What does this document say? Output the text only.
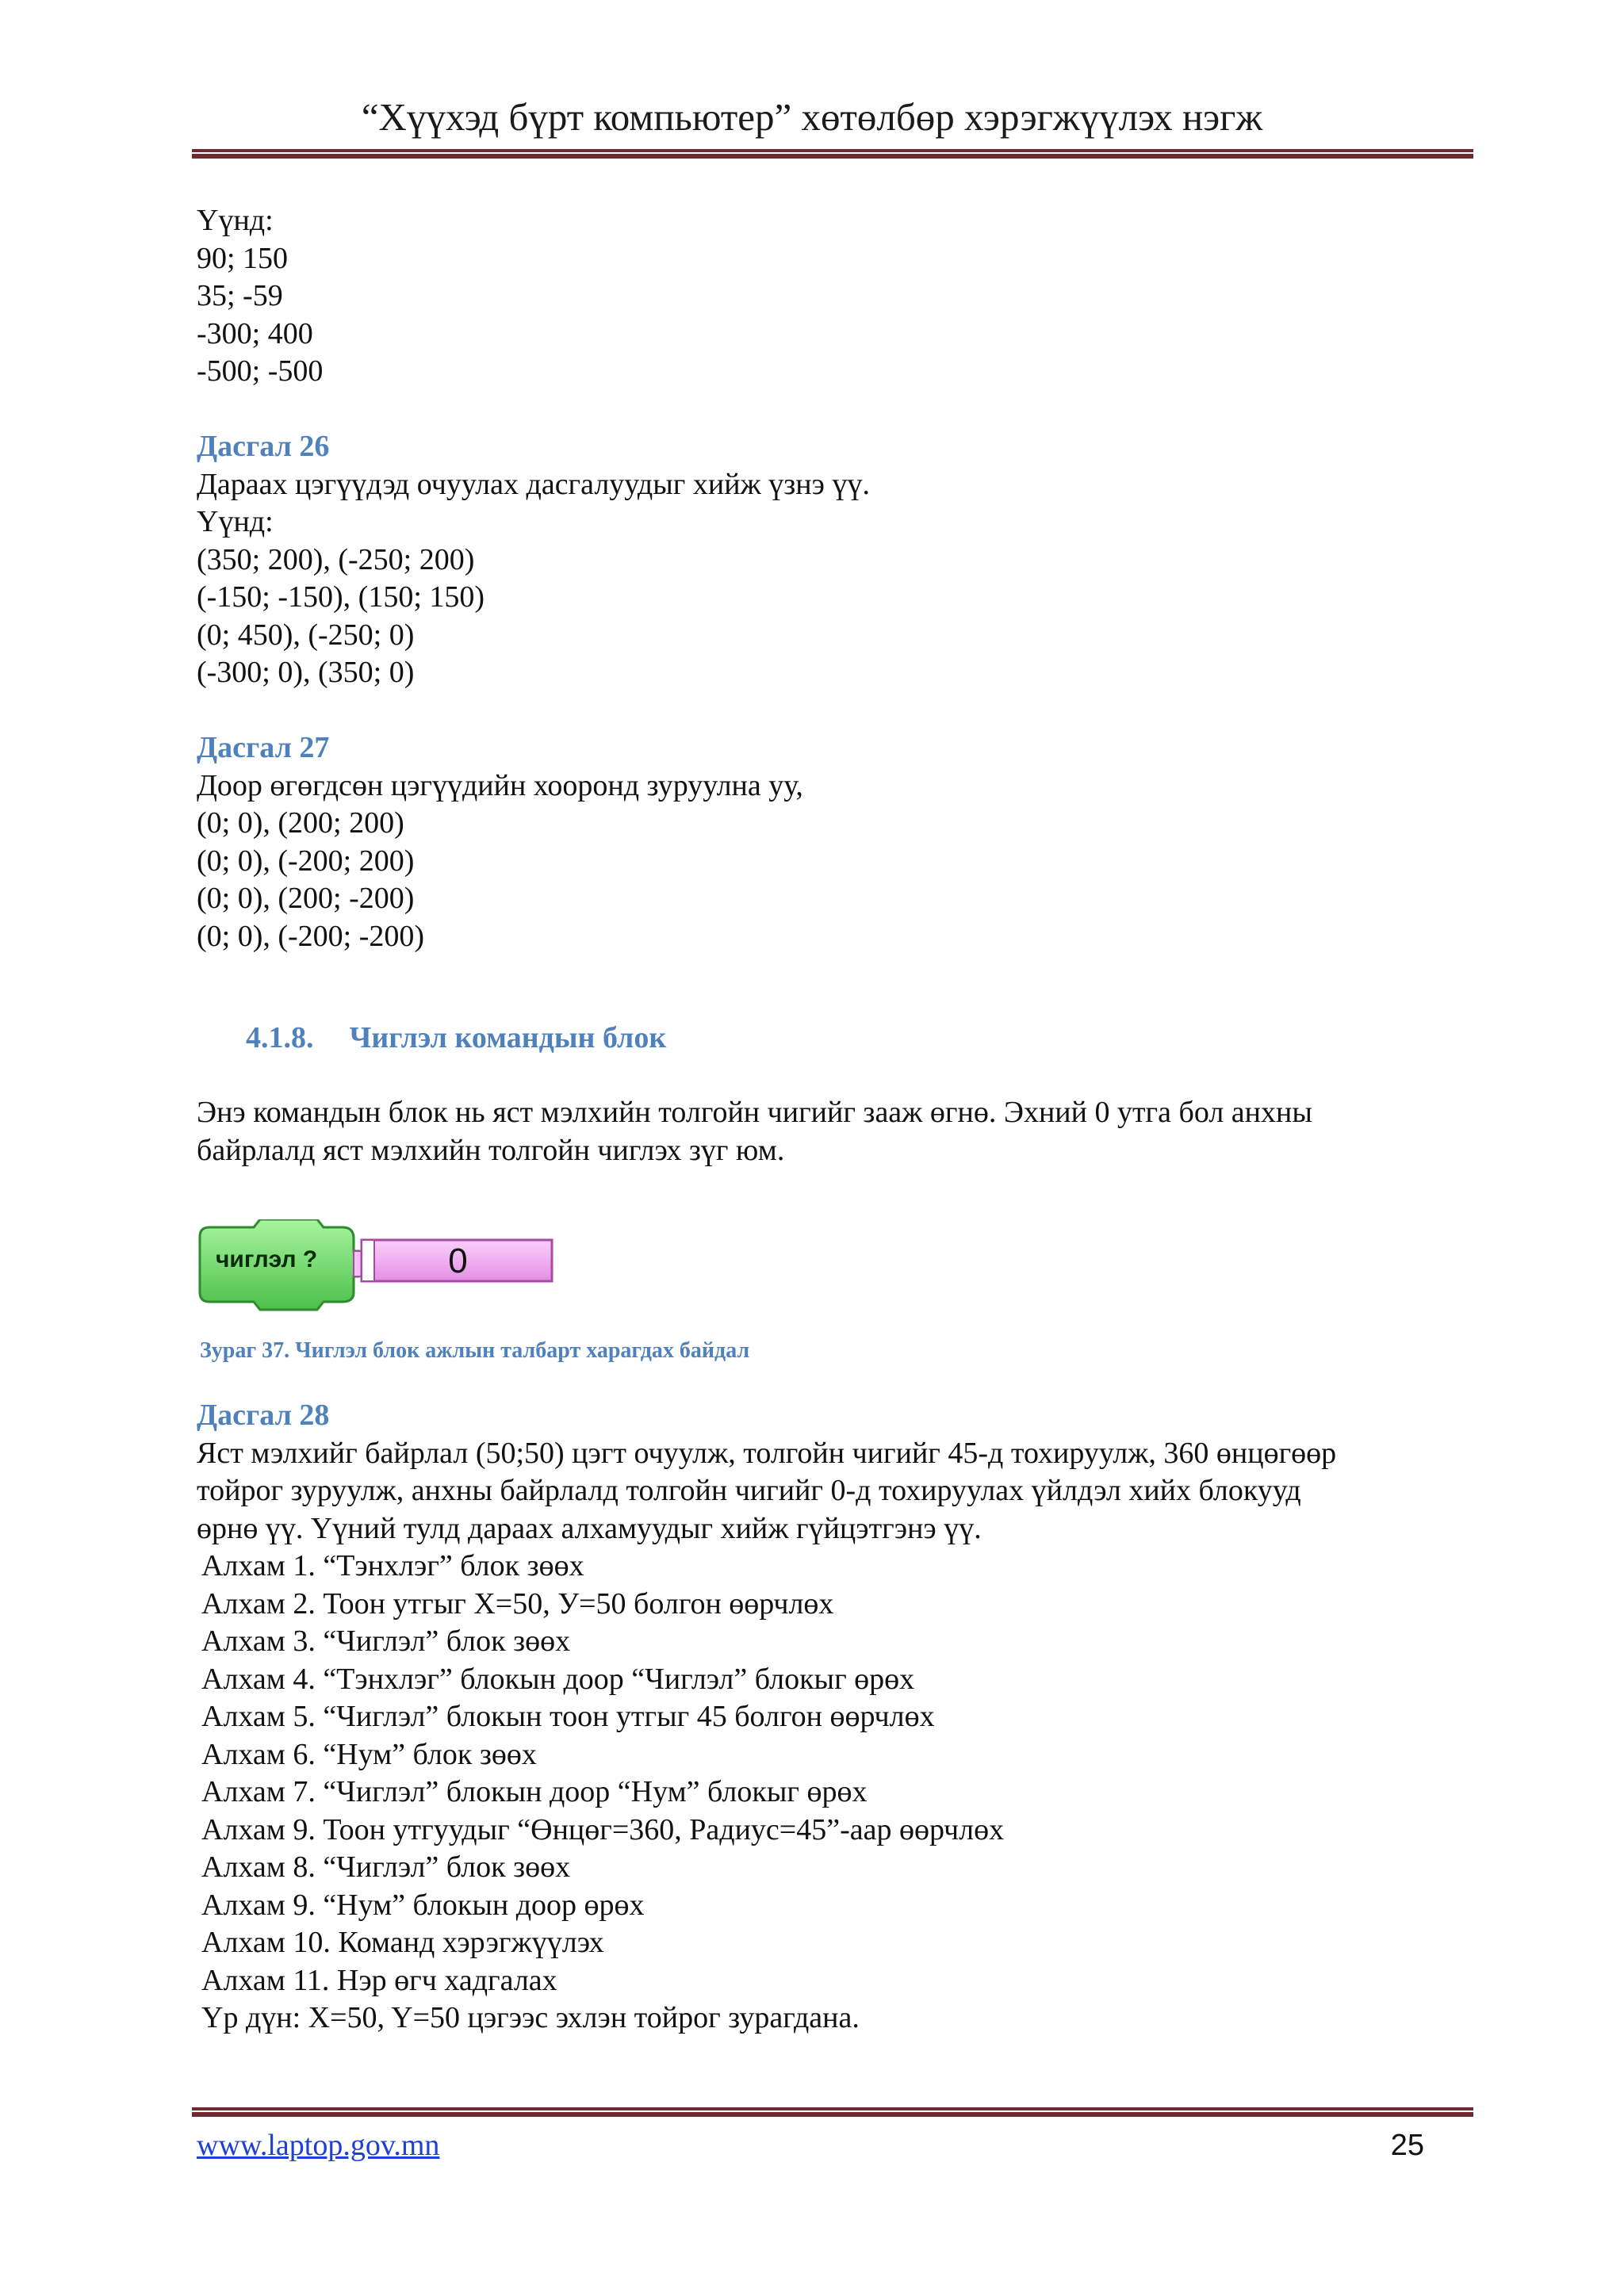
“Хүүхэд бүрт компьютер” хөтөлбөр хэрэгжүүлэх нэгж
Үүнд:
90; 150
35; -59
-300; 400
-500; -500
Дасгал 26
Дараах цэгүүдэд очуулах дасгалуудыг хийж үзнэ үү.
Үүнд:
(350; 200), (-250; 200)
(-150; -150), (150; 150)
(0; 450), (-250; 0)
(-300; 0), (350; 0)
Дасгал 27
Доор өгөгдсөн цэгүүдийн хооронд зуруулна уу,
(0; 0), (200; 200)
(0; 0), (-200; 200)
(0; 0), (200; -200)
(0; 0), (-200; -200)
4.1.8. Чиглэл командын блок
Энэ командын блок нь яст мэлхийн толгойн чигийг зааж өгнө. Эхний 0 утга бол анхны
байрлалд яст мэлхийн толгойн чиглэх зүг юм.
чиглэл ?	0
Зураг 37. Чиглэл блок ажлын талбарт харагдах байдал
Дасгал 28
Яст мэлхийг байрлал (50;50) цэгт очуулж, толгойн чигийг 45-д тохируулж, 360 өнцөгөөр
тойрог зуруулж, анхны байрлалд толгойн чигийг 0-д тохируулах үйлдэл хийх блокууд
өрнө үү. Үүний тулд дараах алхамуудыг хийж гүйцэтгэнэ үү.
Алхам 1. “Тэнхлэг” блок зөөх
Алхам 2. Тоон утгыг X=50, У=50 болгон өөрчлөх
Алхам 3. “Чиглэл” блок зөөх
Алхам 4. “Тэнхлэг” блокын доор “Чиглэл” блокыг өрөх
Алхам 5. “Чиглэл” блокын тоон утгыг 45 болгон өөрчлөх
Алхам 6. “Нум” блок зөөх
Алхам 7. “Чиглэл” блокын доор “Нум” блокыг өрөх
Алхам 9. Тоон утгуудыг “Өнцөг=360, Радиус=45”-аар өөрчлөх
Алхам 8. “Чиглэл” блок зөөх
Алхам 9. “Нум” блокын доор өрөх
Алхам 10. Команд хэрэгжүүлэх
Алхам 11. Нэр өгч хадгалах
Үр дүн: X=50, Y=50 цэгээс эхлэн тойрог зурагдана.
www.laptop.gov.mn	25
